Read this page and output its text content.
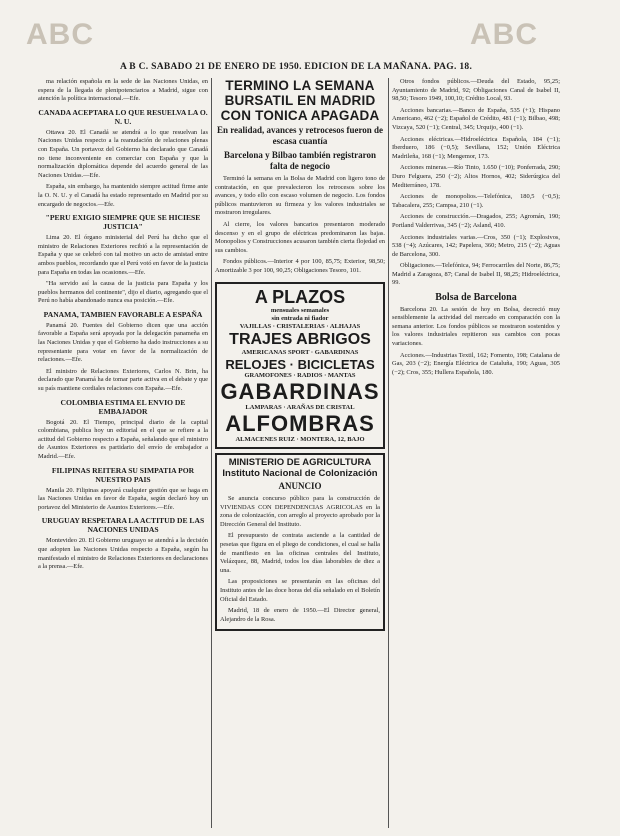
ABC	ABC
A B C. SABADO 21 DE ENERO DE 1950. EDICION DE LA MAÑANA. PAG. 18.

ma relación española en la sede de las Naciones Unidas, en espera de la llegada de plenipotenciarios a Madrid, sigue con atención la política internacional.—Efe.

CANADA ACEPTARA LO QUE RESUELVA LA O. N. U.

Ottawa 20. El Canadá se atendrá a lo que resuelvan las Naciones Unidas respecto a la reanudación de relaciones plenas con España. Un portavoz del Gobierno ha declarado que Canadá no tiene inconveniente en comerciar con España y que la normalización diplomática depende del acuerdo general de las Naciones Unidas.—Efe.

España, sin embargo, ha mantenido siempre actitud firme ante la O. N. U. y el Canadá ha estado representado en Madrid por su encargado de negocios.—Efe.

"PERU EXIGIO SIEMPRE QUE SE HICIESE JUSTICIA"

Lima 20. El órgano ministerial del Perú ha dicho que el ministro de Relaciones Exteriores recibió a la representación de España y que se celebró con tal motivo un acto de amistad entre ambos pueblos, recordando que el Perú votó en favor de la justicia para España en todas las ocasiones.—Efe.

"Ha servido así la causa de la justicia para España y los pueblos hermanos del continente", dijo el diario, agregando que el Perú no había abandonado nunca esa posición.—Efe.

PANAMA, TAMBIEN FAVORABLE A ESPAÑA

Panamá 20. Fuentes del Gobierno dicen que una acción favorable a España será apoyada por la delegación panameña en las Naciones Unidas y que el Gobierno ha dado instrucciones a su representante para votar en favor de la normalización de relaciones.—Efe.

El ministro de Relaciones Exteriores, Carlos N. Brin, ha declarado que Panamá ha de tomar parte activa en el debate y que su país mantiene cordiales relaciones con España.—Efe.

COLOMBIA ESTIMA EL ENVIO DE EMBAJADOR

Bogotá 20. El Tiempo, principal diario de la capital colombiana, publica hoy un editorial en el que se refiere a la actitud del Gobierno respecto a España, señalando que el ministro de Asuntos Exteriores es partidario del envío de embajador a Madrid.—Efe.

FILIPINAS REITERA SU SIMPATIA POR NUESTRO PAIS

Manila 20. Filipinas apoyará cualquier gestión que se haga en las Naciones Unidas en favor de España, según declaró hoy un portavoz del Ministerio de Asuntos Exteriores.—Efe.

URUGUAY RESPETARA LA ACTITUD DE LAS NACIONES UNIDAS

Montevideo 20. El Gobierno uruguayo se atendrá a la decisión que adopten las Naciones Unidas respecto a España, según ha manifestado el ministro de Relaciones Exteriores en declaraciones a la prensa.—Efe.

TERMINO LA SEMANA BURSATIL EN MADRID CON TONICA APAGADA
En realidad, avances y retrocesos fueron de escasa cuantía
Barcelona y Bilbao también registraron falta de negocio

Terminó la semana en la Bolsa de Madrid con ligero tono de contratación, en que prevalecieron los retrocesos sobre los avances, y todo ello con escaso volumen de negocio. Los fondos públicos mantuvieron su firmeza y los valores industriales se mostraron irregulares.

Al cierre, los valores bancarios presentaron moderado descenso y en el grupo de eléctricas predominaron las bajas. Monopolios y Construcciones acusaron también cierta flojedad en sus cambios.

Fondos públicos.—Interior 4 por 100, 85,75; Exterior, 98,50; Amortizable 3 por 100, 90,25; Obligaciones Tesoro, 101.

A PLAZOS
mensuales semanales
sin entrada ni fiador
VAJILLAS · CRISTALERIAS · ALHAJAS
TRAJES ABRIGOS
AMERICANAS SPORT · GABARDINAS
RELOJES · BICICLETAS
GRAMOFONES · RADIOS · MANTAS
GABARDINAS
LAMPARAS · ARAÑAS DE CRISTAL
ALFOMBRAS
ALMACENES RUIZ · MONTERA, 12, BAJO
MINISTERIO DE AGRICULTURA
Instituto Nacional de Colonización
ANUNCIO

Se anuncia concurso público para la construcción de VIVIENDAS CON DEPENDENCIAS AGRICOLAS en la zona de colonización, con arreglo al proyecto aprobado por la Dirección General del Instituto.

El presupuesto de contrata asciende a la cantidad de pesetas que figura en el pliego de condiciones, el cual se halla de manifiesto en las oficinas centrales del Instituto, Velázquez, 88, Madrid, todos los días laborables de diez a una.

Las proposiciones se presentarán en las oficinas del Instituto antes de las doce horas del día señalado en el Boletín Oficial del Estado.

Madrid, 18 de enero de 1950.—El Director general, Alejandro de la Rosa.

Otros fondos públicos.—Deuda del Estado, 95,25; Ayuntamiento de Madrid, 92; Obligaciones Canal de Isabel II, 98,50; Tesoro 1949, 100,10; Crédito Local, 93.

Acciones bancarias.—Banco de España, 535 (+1); Hispano Americano, 462 (−2); Español de Crédito, 481 (−1); Bilbao, 498; Vizcaya, 520 (−1); Central, 345; Urquijo, 400 (−1).

Acciones eléctricas.—Hidroeléctrica Española, 184 (−1); Iberduero, 186 (−0,5); Sevillana, 152; Unión Eléctrica Madrileña, 168 (−1); Mengemor, 173.

Acciones mineras.—Río Tinto, 1.650 (−10); Ponferrada, 290; Duro Felguera, 250 (−2); Altos Hornos, 402; Siderúrgica del Mediterráneo, 178.

Acciones de monopolios.—Telefónica, 180,5 (−0,5); Tabacalera, 255; Campsa, 210 (−1).

Acciones de construcción.—Dragados, 255; Agromán, 190; Portland Valderrivas, 345 (−2); Asland, 410.

Acciones industriales varias.—Cros, 350 (−1); Explosivos, 538 (−4); Azúcares, 142; Papelera, 360; Metro, 215 (−2); Aguas de Barcelona, 300.

Obligaciones.—Telefónica, 94; Ferrocarriles del Norte, 86,75; Madrid a Zaragoza, 87; Canal de Isabel II, 98,25; Hidroeléctrica, 99.

Bolsa de Barcelona

Barcelona 20. La sesión de hoy en Bolsa, decreció muy sensiblemente la actividad del mercado en comparación con la semana anterior. Los fondos públicos se mostraron sostenidos y los valores industriales repitieron sus cambios con pocas variaciones.

Acciones.—Industrias Textil, 162; Fomento, 198; Catalana de Gas, 203 (−2); Energía Eléctrica de Cataluña, 190; Aguas, 305 (−2); Cros, 355; Hullera Española, 180.
